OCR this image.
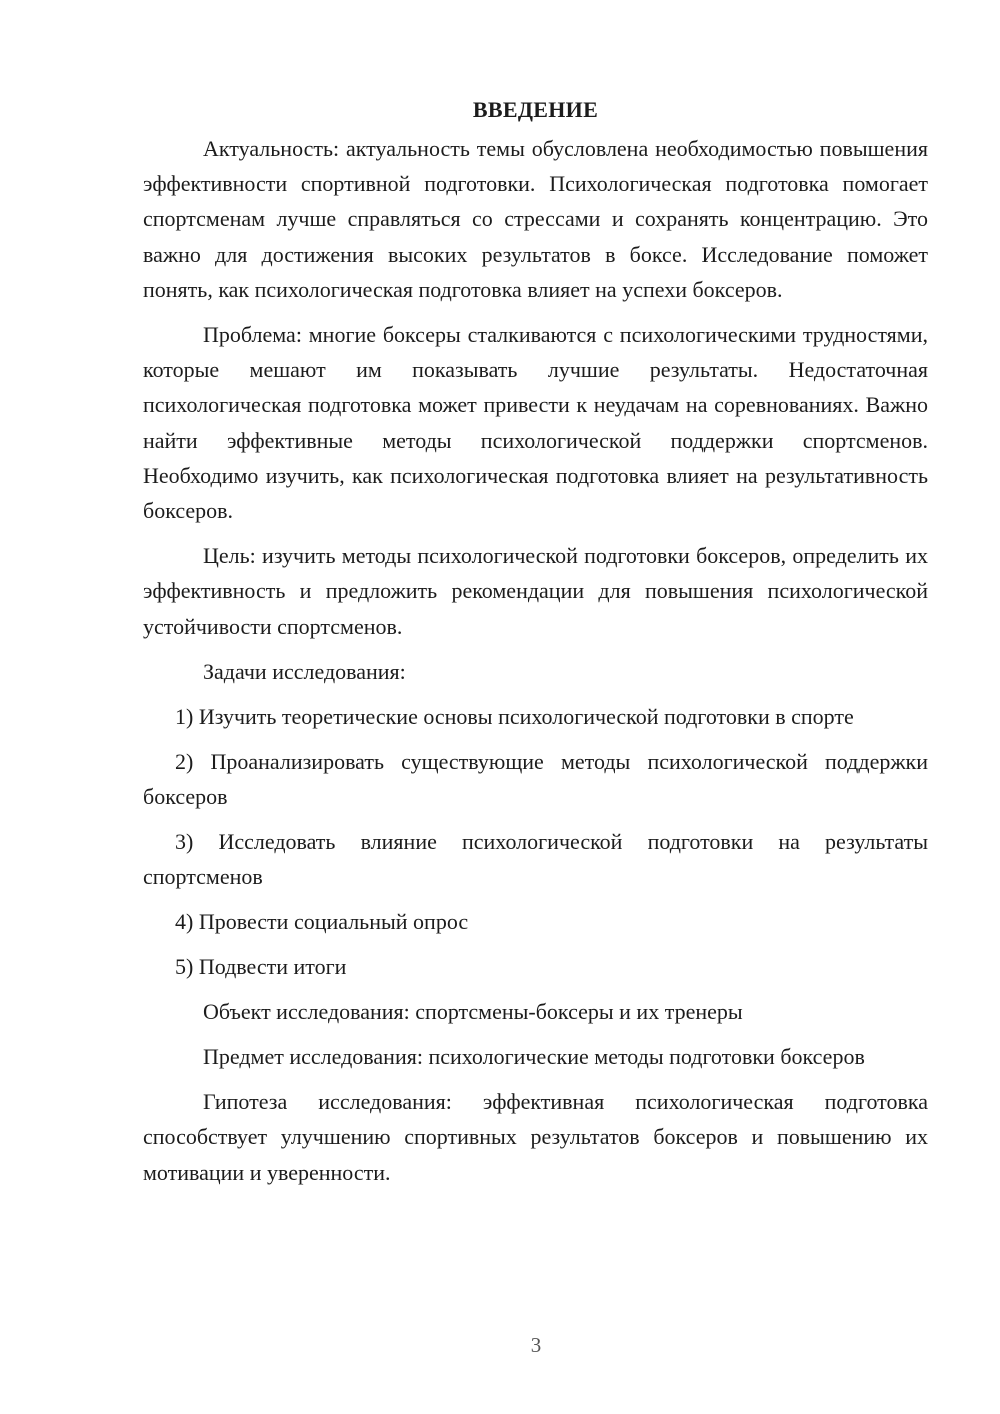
ВВЕДЕНИЕ

Актуальность: актуальность темы обусловлена необходимостью повышения эффективности спортивной подготовки. Психологическая подготовка помогает спортсменам лучше справляться со стрессами и сохранять концентрацию. Это важно для достижения высоких результатов в боксе. Исследование поможет понять, как психологическая подготовка влияет на успехи боксеров.

Проблема: многие боксеры сталкиваются с психологическими трудностями, которые мешают им показывать лучшие результаты. Недостаточная психологическая подготовка может привести к неудачам на соревнованиях. Важно найти эффективные методы психологической поддержки спортсменов. Необходимо изучить, как психологическая подготовка влияет на результативность боксеров.

Цель: изучить методы психологической подготовки боксеров, определить их эффективность и предложить рекомендации для повышения психологической устойчивости спортсменов.

Задачи исследования:

1) Изучить теоретические основы психологической подготовки в спорте

2) Проанализировать существующие методы психологической поддержки боксеров

3) Исследовать влияние психологической подготовки на результаты спортсменов

4) Провести социальный опрос

5) Подвести итоги

Объект исследования: спортсмены-боксеры и их тренеры

Предмет исследования: психологические методы подготовки боксеров

Гипотеза исследования: эффективная психологическая подготовка способствует улучшению спортивных результатов боксеров и повышению их мотивации и уверенности.

3
